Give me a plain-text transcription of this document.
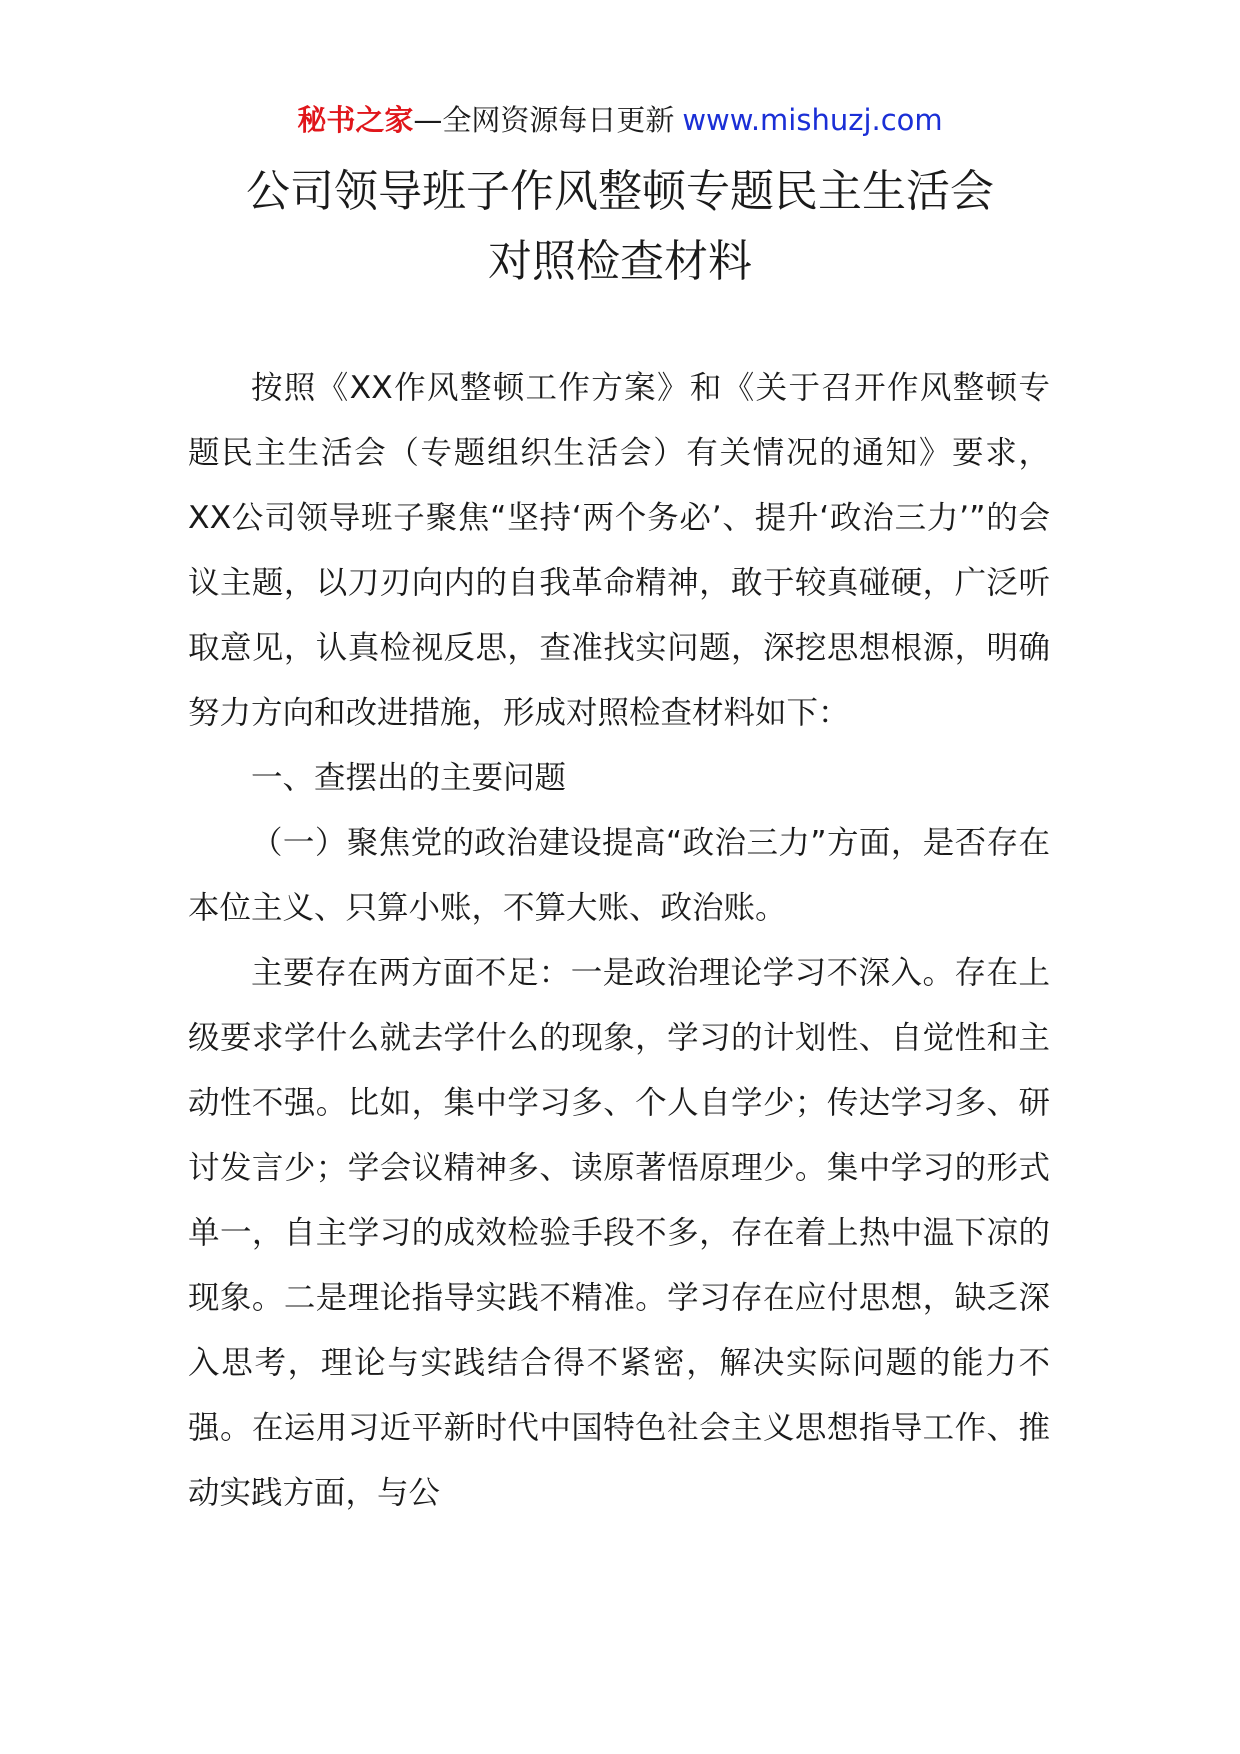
秘书之家—全网资源每日更新 www.mishuzj.com
公司领导班子作风整顿专题民主生活会
对照检查材料

按照《XX作风整顿工作方案》和《关于召开作风整顿专题民主生活会（专题组织生活会）有关情况的通知》要求，XX公司领导班子聚焦“坚持‘两个务必’、提升‘政治三力’”的会议主题，以刀刃向内的自我革命精神，敢于较真碰硬，广泛听取意见，认真检视反思，查准找实问题，深挖思想根源，明确努力方向和改进措施，形成对照检查材料如下：

一、查摆出的主要问题

（一）聚焦党的政治建设提高“政治三力”方面，是否存在本位主义、只算小账，不算大账、政治账。

主要存在两方面不足：一是政治理论学习不深入。存在上级要求学什么就去学什么的现象，学习的计划性、自觉性和主动性不强。比如，集中学习多、个人自学少；传达学习多、研讨发言少；学会议精神多、读原著悟原理少。集中学习的形式单一，自主学习的成效检验手段不多，存在着上热中温下凉的现象。二是理论指导实践不精准。学习存在应付思想，缺乏深入思考，理论与实践结合得不紧密，解决实际问题的能力不强。在运用习近平新时代中国特色社会主义思想指导工作、推动实践方面，与公
